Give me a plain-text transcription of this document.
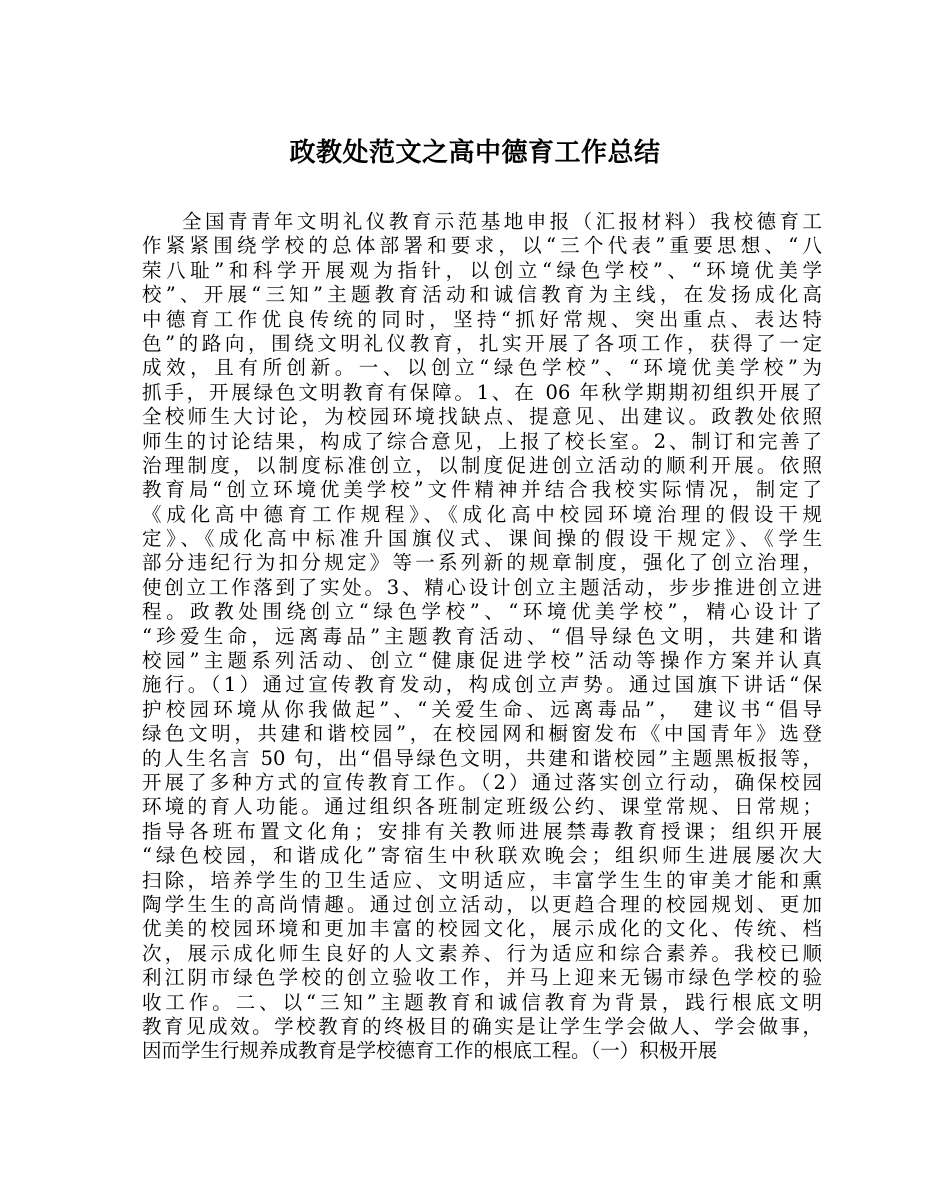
政教处范文之高中德育工作总结
全国青青年文明礼仪教育示范基地申报（汇报材料）我校德育工
作紧紧围绕学校的总体部署和要求，以“三个代表”重要思想、“八
荣八耻”和科学开展观为指针，以创立“绿色学校”、“环境优美学
校”、开展“三知”主题教育活动和诚信教育为主线，在发扬成化高
中德育工作优良传统的同时，坚持“抓好常规、突出重点、表达特
色”的路向，围绕文明礼仪教育，扎实开展了各项工作，获得了一定
成效，且有所创新。一、以创立“绿色学校”、“环境优美学校”为
抓手，开展绿色文明教育有保障。1、在 06 年秋学期期初组织开展了
全校师生大讨论，为校园环境找缺点、提意见、出建议。政教处依照
师生的讨论结果，构成了综合意见，上报了校长室。2、制订和完善了
治理制度，以制度标准创立，以制度促进创立活动的顺利开展。依照
教育局“创立环境优美学校”文件精神并结合我校实际情况，制定了
《成化高中德育工作规程》、《成化高中校园环境治理的假设干规
定》、《成化高中标准升国旗仪式、课间操的假设干规定》、《学生
部分违纪行为扣分规定》等一系列新的规章制度，强化了创立治理，
使创立工作落到了实处。3、精心设计创立主题活动，步步推进创立进
程。政教处围绕创立“绿色学校”、“环境优美学校”，精心设计了
“珍爱生命，远离毒品”主题教育活动、“倡导绿色文明，共建和谐
校园”主题系列活动、创立“健康促进学校”活动等操作方案并认真
施行。（1）通过宣传教育发动，构成创立声势。通过国旗下讲话“保
护校园环境从你我做起”、“关爱生命、远离毒品”， 建议书“倡导
绿色文明，共建和谐校园”，在校园网和橱窗发布《中国青年》选登
的人生名言 50 句，出“倡导绿色文明，共建和谐校园”主题黑板报等，
开展了多种方式的宣传教育工作。（2）通过落实创立行动，确保校园
环境的育人功能。通过组织各班制定班级公约、课堂常规、日常规；
指导各班布置文化角；安排有关教师进展禁毒教育授课；组织开展
“绿色校园，和谐成化”寄宿生中秋联欢晚会；组织师生进展屡次大
扫除，培养学生的卫生适应、文明适应，丰富学生生的审美才能和熏
陶学生生的高尚情趣。通过创立活动，以更趋合理的校园规划、更加
优美的校园环境和更加丰富的校园文化，展示成化的文化、传统、档
次，展示成化师生良好的人文素养、行为适应和综合素养。我校已顺
利江阴市绿色学校的创立验收工作，并马上迎来无锡市绿色学校的验
收工作。二、以“三知”主题教育和诚信教育为背景，践行根底文明
教育见成效。学校教育的终极目的确实是让学生学会做人、学会做事，
因而学生行规养成教育是学校德育工作的根底工程。（一）积极开展
